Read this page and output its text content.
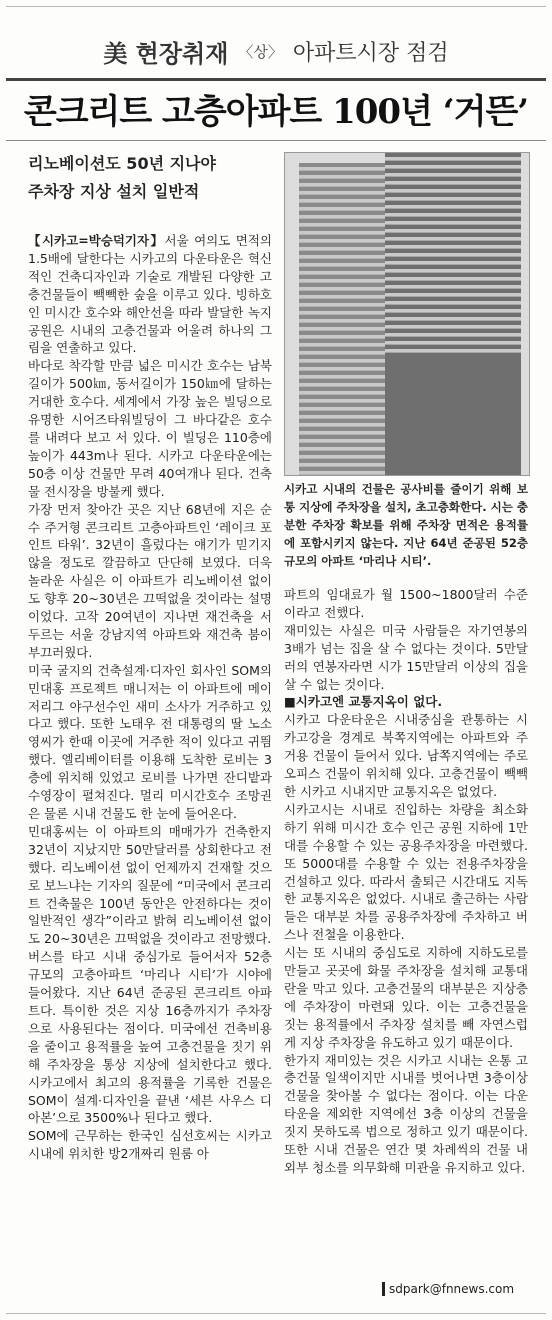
美 현장취재 〈상〉 아파트시장 점검
콘크리트 고층아파트 100년 ‘거뜬’
리노베이션도 50년 지나야
주차장 지상 설치 일반적

【시카고=박승덕기자】서울 여의도 면적의 1.5배에 달한다는 시카고의 다운타운은 혁신적인 건축디자인과 기술로 개발된 다양한 고층건물들이 빽빽한 숲을 이루고 있다. 빙하호인 미시간 호수와 해안선을 따라 발달한 녹지공원은 시내의 고층건물과 어울려 하나의 그림을 연출하고 있다.

바다로 착각할 만큼 넓은 미시간 호수는 남북길이가 500㎞, 동서길이가 150㎞에 달하는 거대한 호수다. 세계에서 가장 높은 빌딩으로 유명한 시어즈타워빌딩이 그 바다같은 호수를 내려다 보고 서 있다. 이 빌딩은 110층에 높이가 443m나 된다. 시카고 다운타운에는 50층 이상 건물만 무려 40여개나 된다. 건축물 전시장을 방불케 했다.

가장 먼저 찾아간 곳은 지난 68년에 지은 순수 주거형 콘크리트 고층아파트인 ‘레이크 포인트 타워’. 32년이 흘렀다는 얘기가 믿기지 않을 정도로 깔끔하고 단단해 보였다. 더욱 놀라운 사실은 이 아파트가 리노베이션 없이도 향후 20~30년은 끄떡없을 것이라는 설명이었다. 고작 20여년이 지나면 재건축을 서두르는 서울 강남지역 아파트와 재건축 붐이 부끄러웠다.

미국 굴지의 건축설계·디자인 회사인 SOM의 민대홍 프로젝트 매니저는 이 아파트에 메이저리그 야구선수인 새미 소사가 거주하고 있다고 했다. 또한 노태우 전 대통령의 딸 노소영씨가 한때 이곳에 거주한 적이 있다고 귀띔했다. 엘리베이터를 이용해 도착한 로비는 3층에 위치해 있었고 로비를 나가면 잔디밭과 수영장이 펼쳐진다. 멀리 미시간호수 조망권은 물론 시내 건물도 한 눈에 들어온다.

민대홍씨는 이 아파트의 매매가가 건축한지 32년이 지났지만 50만달러를 상회한다고 전했다. 리노베이션 없이 언제까지 건재할 것으로 보느냐는 기자의 질문에 “미국에서 콘크리트 건축물은 100년 동안은 안전하다는 것이 일반적인 생각”이라고 밝혀 리노베이션 없이도 20~30년은 끄떡없을 것이라고 전망했다.

버스를 타고 시내 중심가로 들어서자 52층 규모의 고층아파트 ‘마리나 시티’가 시야에 들어왔다. 지난 64년 준공된 콘크리트 아파트다. 특이한 것은 지상 16층까지가 주차장으로 사용된다는 점이다. 미국에선 건축비용을 줄이고 용적률을 높여 고층건물을 짓기 위해 주차장을 통상 지상에 설치한다고 했다. 시카고에서 최고의 용적률을 기록한 건물은 SOM이 설계·디자인을 끝낸 ‘세븐 사우스 디아본’으로 3500%나 된다고 했다.

SOM에 근무하는 한국인 심선호씨는 시카고 시내에 위치한 방2개짜리 원룸 아

시카고 시내의 건물은 공사비를 줄이기 위해 보통 지상에 주차장을 설치, 초고층화한다. 시는 충분한 주차장 확보를 위해 주차장 면적은 용적률에 포함시키지 않는다. 지난 64년 준공된 52층 규모의 아파트 ‘마리나 시티’.

파트의 임대료가 월 1500~1800달러 수준이라고 전했다.

재미있는 사실은 미국 사람들은 자기연봉의 3배가 넘는 집을 살 수 없다는 것이다. 5만달러의 연봉자라면 시가 15만달러 이상의 집을 살 수 없는 것이다.

■시카고엔 교통지옥이 없다.

시카고 다운타운은 시내중심을 관통하는 시카고강을 경계로 북쪽지역에는 아파트와 주거용 건물이 들어서 있다. 남쪽지역에는 주로 오피스 건물이 위치해 있다. 고층건물이 빽빽한 시카고 시내지만 교통지옥은 없었다.

시카고시는 시내로 진입하는 차량을 최소화하기 위해 미시간 호수 인근 공원 지하에 1만대를 수용할 수 있는 공용주차장을 마련했다. 또 5000대를 수용할 수 있는 전용주차장을 건설하고 있다. 따라서 출퇴근 시간대도 지독한 교통지옥은 없었다. 시내로 출근하는 사람들은 대부분 차를 공용주차장에 주차하고 버스나 전철을 이용한다.

시는 또 시내의 중심도로 지하에 지하도로를 만들고 곳곳에 화물 주차장을 설치해 교통대란을 막고 있다. 고층건물의 대부분은 지상층에 주차장이 마련돼 있다. 이는 고층건물을 짓는 용적률에서 주차장 설치를 빼 자연스럽게 지상 주차장을 유도하고 있기 때문이다.

한가지 재미있는 것은 시카고 시내는 온통 고층건물 일색이지만 시내를 벗어나면 3층이상 건물을 찾아볼 수 없다는 점이다. 이는 다운타운을 제외한 지역에선 3층 이상의 건물을 짓지 못하도록 법으로 정하고 있기 때문이다. 또한 시내 건물은 연간 몇 차례씩의 건물 내외부 청소를 의무화해 미관을 유지하고 있다.

sdpark@fnnews.com
